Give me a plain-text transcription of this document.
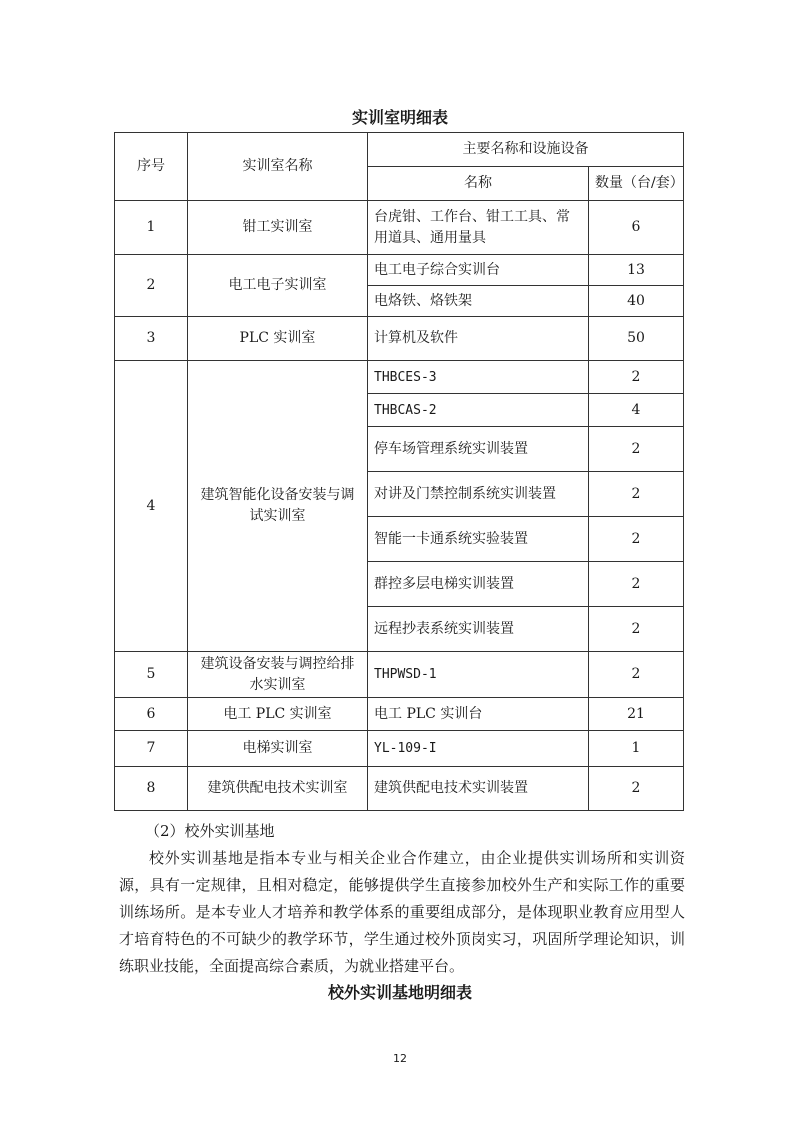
实训室明细表
序号	实训室名称	主要名称和设施设备	
		名称	数量（台/套）
1	钳工实训室	台虎钳、工作台、钳工工具、常用道具、通用量具	6
2	电工电子实训室	电工电子综合实训台	13
		电烙铁、烙铁架	40
3	PLC 实训室	计算机及软件	50
4	建筑智能化设备安装与调试实训室	THBCES-3	2
		THBCAS-2	4
		停车场管理系统实训装置	2
		对讲及门禁控制系统实训装置	2
		智能一卡通系统实验装置	2
		群控多层电梯实训装置	2
		远程抄表系统实训装置	2
5	建筑设备安装与调控给排水实训室	THPWSD-1	2
6	电工 PLC 实训室	电工 PLC 实训台	21
7	电梯实训室	YL-109-I	1
8	建筑供配电技术实训室	建筑供配电技术实训装置	2
（2）校外实训基地

校外实训基地是指本专业与相关企业合作建立，由企业提供实训场所和实训资源，具有一定规律，且相对稳定，能够提供学生直接参加校外生产和实际工作的重要训练场所。是本专业人才培养和教学体系的重要组成部分，是体现职业教育应用型人才培育特色的不可缺少的教学环节，学生通过校外顶岗实习，巩固所学理论知识，训练职业技能，全面提高综合素质，为就业搭建平台。

校外实训基地明细表
12
